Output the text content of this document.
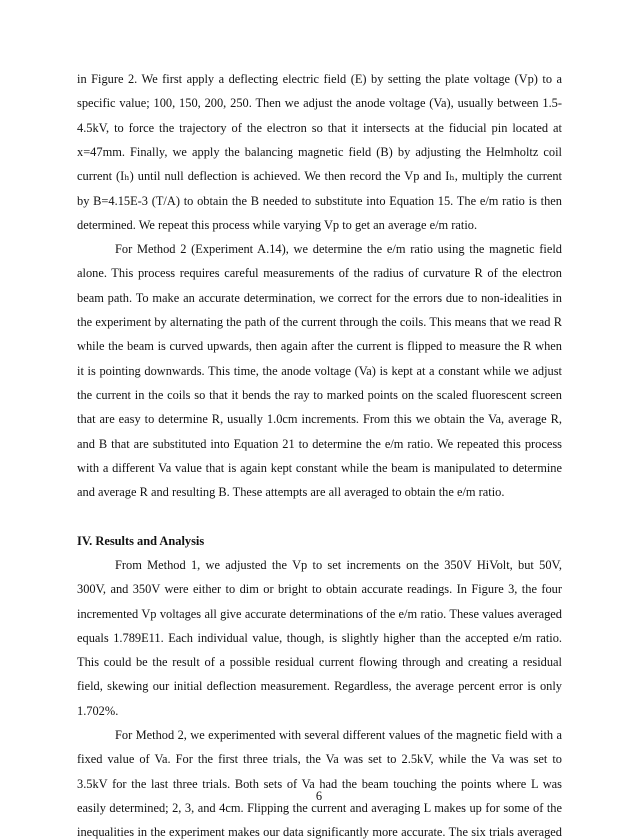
in Figure 2. We first apply a deflecting electric field (E) by setting the plate voltage (Vp) to a
specific value; 100, 150, 200, 250. Then we adjust the anode voltage (Va), usually between 1.5-
4.5kV, to force the trajectory of the electron so that it intersects at the fiducial pin located at
x=47mm. Finally, we apply the balancing magnetic field (B) by adjusting the Helmholtz coil
current (Iₕ) until null deflection is achieved. We then record the Vp and Iₕ, multiply the current
by B=4.15E-3 (T/A) to obtain the B needed to substitute into Equation 15. The e/m ratio is then
determined. We repeat this process while varying Vp to get an average e/m ratio.
For Method 2 (Experiment A.14), we determine the e/m ratio using the magnetic field
alone. This process requires careful measurements of the radius of curvature R of the electron
beam path. To make an accurate determination, we correct for the errors due to non-idealities in
the experiment by alternating the path of the current through the coils. This means that we read R
while the beam is curved upwards, then again after the current is flipped to measure the R when
it is pointing downwards. This time, the anode voltage (Va) is kept at a constant while we adjust
the current in the coils so that it bends the ray to marked points on the scaled fluorescent screen
that are easy to determine R, usually 1.0cm increments. From this we obtain the Va, average R,
and B that are substituted into Equation 21 to determine the e/m ratio. We repeated this process
with a different Va value that is again kept constant while the beam is manipulated to determine
and average R and resulting B. These attempts are all averaged to obtain the e/m ratio.
IV. Results and Analysis
From Method 1, we adjusted the Vp to set increments on the 350V HiVolt, but 50V,
300V, and 350V were either to dim or bright to obtain accurate readings. In Figure 3, the four
incremented Vp voltages all give accurate determinations of the e/m ratio. These values averaged
equals 1.789E11. Each individual value, though, is slightly higher than the accepted e/m ratio.
This could be the result of a possible residual current flowing through and creating a residual
field, skewing our initial deflection measurement. Regardless, the average percent error is only
1.702%.
For Method 2, we experimented with several different values of the magnetic field with a
fixed value of Va. For the first three trials, the Va was set to 2.5kV, while the Va was set to
3.5kV for the last three trials. Both sets of Va had the beam touching the points where L was
easily determined; 2, 3, and 4cm. Flipping the current and averaging L makes up for some of the
inequalities in the experiment makes our data significantly more accurate. The six trials averaged
6
